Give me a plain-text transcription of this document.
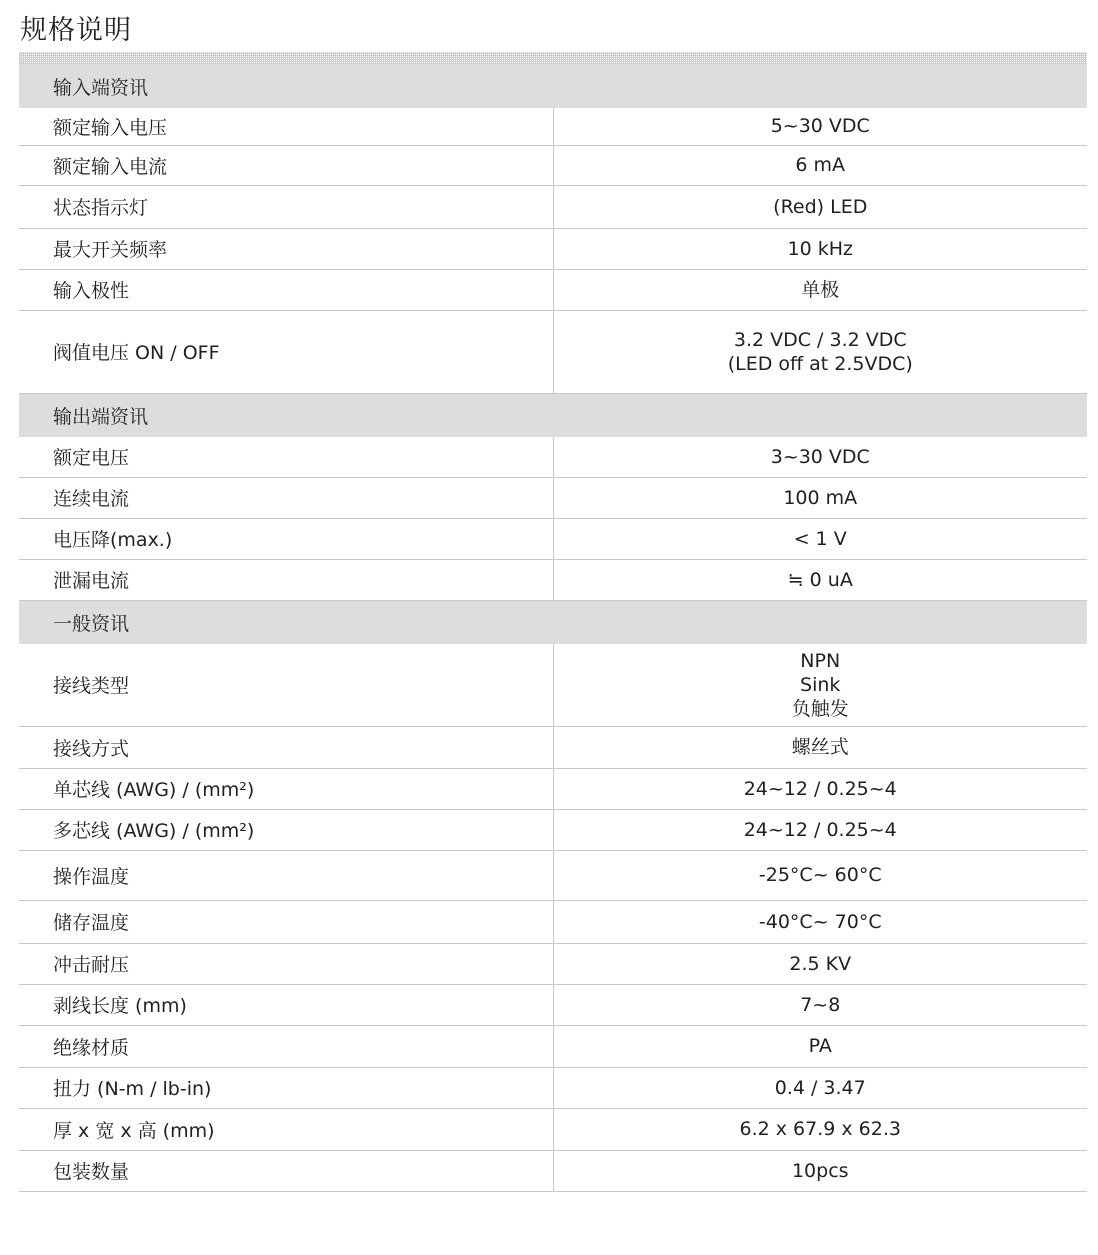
规格说明
输入端资讯	
额定输入电压	5~30 VDC

额定输入电流	6 mA

状态指示灯	(Red) LED

最大开关频率	10 kHz

输入极性	单极

阀值电压 ON / OFF	3.2 VDC / 3.2 VDC
(LED off at 2.5VDC)

输出端资讯	
额定电压	3~30 VDC

连续电流	100 mA

电压降(max.)	< 1 V

泄漏电流	≒ 0 uA

一般资讯	
接线类型	NPN
Sink
负触发

接线方式	螺丝式

单芯线 (AWG) / (mm²)	24~12 / 0.25~4

多芯线 (AWG) / (mm²)	24~12 / 0.25~4

操作温度	-25°C~ 60°C

储存温度	-40°C~ 70°C

冲击耐压	2.5 KV

剥线长度 (mm)	7~8

绝缘材质	PA

扭力 (N-m / lb-in)	0.4 / 3.47

厚 x 宽 x 高 (mm)	6.2 x 67.9 x 62.3

包装数量	10pcs
